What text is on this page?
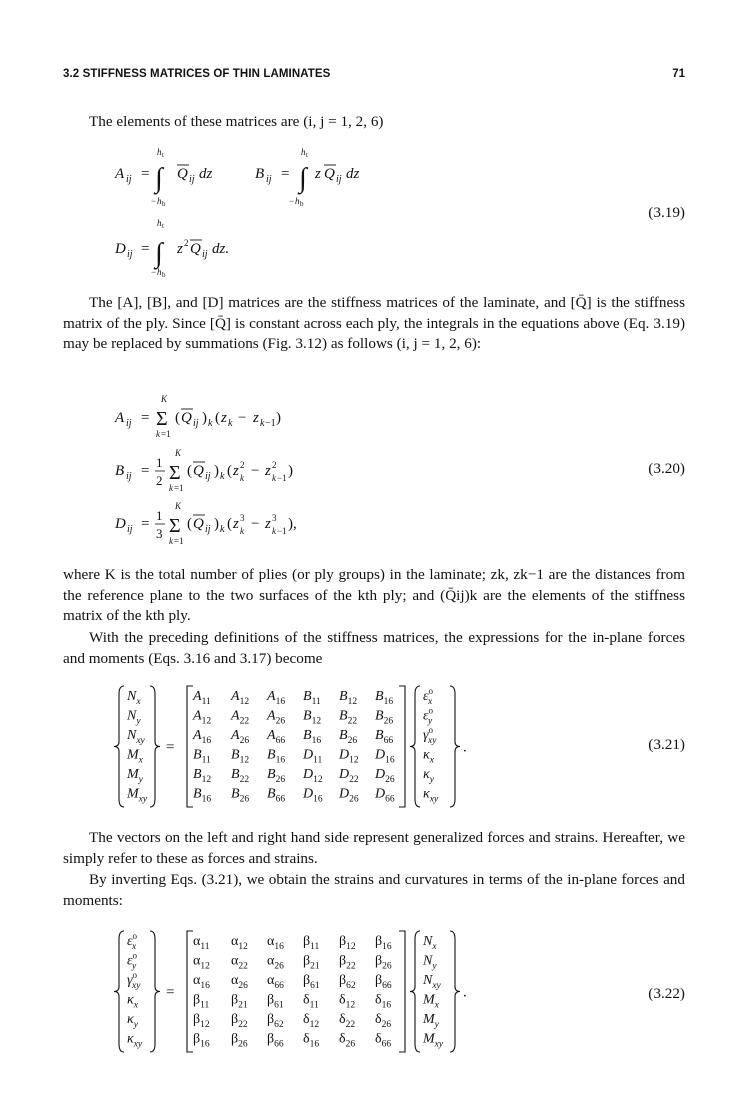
3.2 STIFFNESS MATRICES OF THIN LAMINATES	71
The elements of these matrices are (i, j = 1, 2, 6)
A ij =
h t
∫
− h b
Q ij dz	B ij =
h t
∫
− h b
z Q ij dz
D ij =
h t
∫
− h b
z 2 Q ij dz.
(3.19)
The [A], [B], and [D] matrices are the stiffness matrices of the laminate, and [Q̄] is the stiffness matrix of the ply. Since [Q̄] is constant across each ply, the integrals in the equations above (Eq. 3.19) may be replaced by summations (Fig. 3.12) as follows (i, j = 1, 2, 6):
A ij =
K
Σ
k =1
( Q ij ) k ( z k − z k −1 )
B ij =
1
2
K
Σ
k =1
( Q ij ) k ( z 2
k − z 2
k −1 )
D ij =
1
3
K
Σ
k =1
( Q ij ) k ( z 3
k − z 3
k −1 ),
(3.20)
where K is the total number of plies (or ply groups) in the laminate; zk, zk−1 are the distances from the reference plane to the two surfaces of the kth ply; and (Q̄ij)k are the elements of the stiffness matrix of the kth ply.
With the preceding definitions of the stiffness matrices, the expressions for the in-plane forces and moments (Eqs. 3.16 and 3.17) become
$N_x$
$N_y$
$N_{xy}$
$M_x$
$M_y$
$M_{xy}$
=
$A_{11}$ $A_{12}$ $A_{16}$ $B_{11}$ $B_{12}$ $B_{16}$
$A_{12}$ $A_{22}$ $A_{26}$ $B_{12}$ $B_{22}$ $B_{26}$
$A_{16}$ $A_{26}$ $A_{66}$ $B_{16}$ $B_{26}$ $B_{66}$
$B_{11}$ $B_{12}$ $B_{16}$ $D_{11}$ $D_{12}$ $D_{16}$
$B_{12}$ $B_{22}$ $B_{26}$ $D_{12}$ $D_{22}$ $D_{26}$
$B_{16}$ $B_{26}$ $B_{66}$ $D_{16}$ $D_{26}$ $D_{66}$
$\varepsilon^o$ x
$\varepsilon^o$ y
$\gamma^o$ xy
$\kappa_x$
$\kappa_y$
$\kappa_{xy}$
.	(3.21)
The vectors on the left and right hand side represent generalized forces and strains. Hereafter, we simply refer to these as forces and strains.
By inverting Eqs. (3.21), we obtain the strains and curvatures in terms of the in-plane forces and moments:
$\varepsilon^o$ x
$\varepsilon^o$ y
$\gamma^o$ xy
$\kappa_x$
$\kappa_y$
$\kappa_{xy}$
=
$\alpha_{11}$ $\alpha_{12}$ $\alpha_{16}$ $\beta_{11}$ $\beta_{12}$ $\beta_{16}$
$\alpha_{12}$ $\alpha_{22}$ $\alpha_{26}$ $\beta_{21}$ $\beta_{22}$ $\beta_{26}$
$\alpha_{16}$ $\alpha_{26}$ $\alpha_{66}$ $\beta_{61}$ $\beta_{62}$ $\beta_{66}$
$\beta_{11}$ $\beta_{21}$ $\beta_{61}$ $\delta_{11}$ $\delta_{12}$ $\delta_{16}$
$\beta_{12}$ $\beta_{22}$ $\beta_{62}$ $\delta_{12}$ $\delta_{22}$ $\delta_{26}$
$\beta_{16}$ $\beta_{26}$ $\beta_{66}$ $\delta_{16}$ $\delta_{26}$ $\delta_{66}$
$N_x$
$N_y$
$N_{xy}$
$M_x$
$M_y$
$M_{xy}$
.	(3.22)
